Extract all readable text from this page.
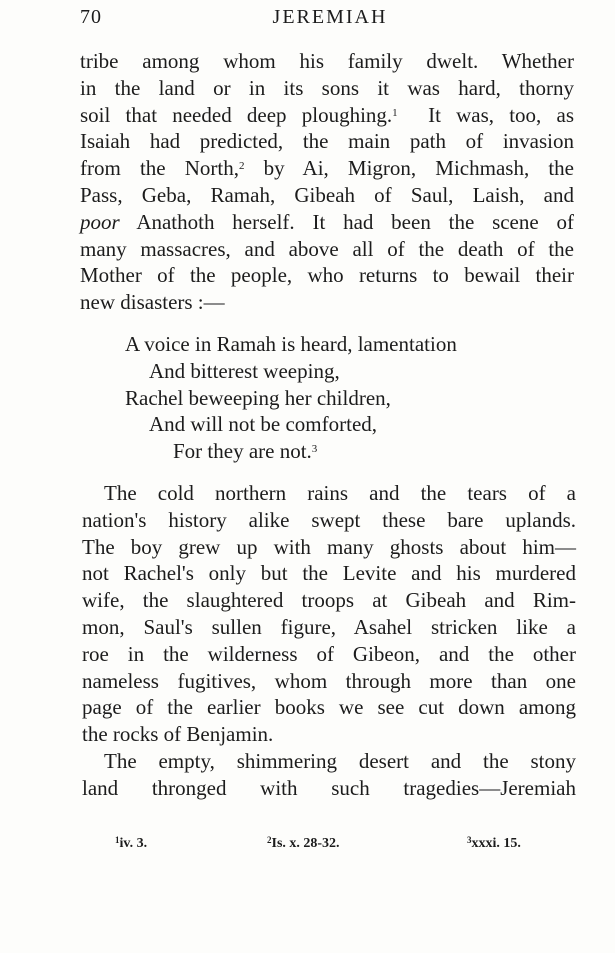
70	JEREMIAH
tribe among whom his family dwelt. Whether
in the land or in its sons it was hard, thorny
soil that needed deep ploughing.$^1$ It was, too, as
Isaiah had predicted, the main path of invasion
from the North,$^2$ by Ai, Migron, Michmash, the
Pass, Geba, Ramah, Gibeah of Saul, Laish, and
poor Anathoth herself. It had been the scene of
many massacres, and above all of the death of the
Mother of the people, who returns to bewail their
new disasters :—
A voice in Ramah is heard, lamentation
And bitterest weeping,
Rachel beweeping her children,
And will not be comforted,
For they are not.$^3$
The cold northern rains and the tears of a
nation's history alike swept these bare uplands.
The boy grew up with many ghosts about him—
not Rachel's only but the Levite and his murdered
wife, the slaughtered troops at Gibeah and Rim-
mon, Saul's sullen figure, Asahel stricken like a
roe in the wilderness of Gibeon, and the other
nameless fugitives, whom through more than one
page of the earlier books we see cut down among
the rocks of Benjamin.
The empty, shimmering desert and the stony
land thronged with such tragedies—Jeremiah
$^1$iv. 3.	$^2$Is. x. 28-32.	$^3$xxxi. 15.
